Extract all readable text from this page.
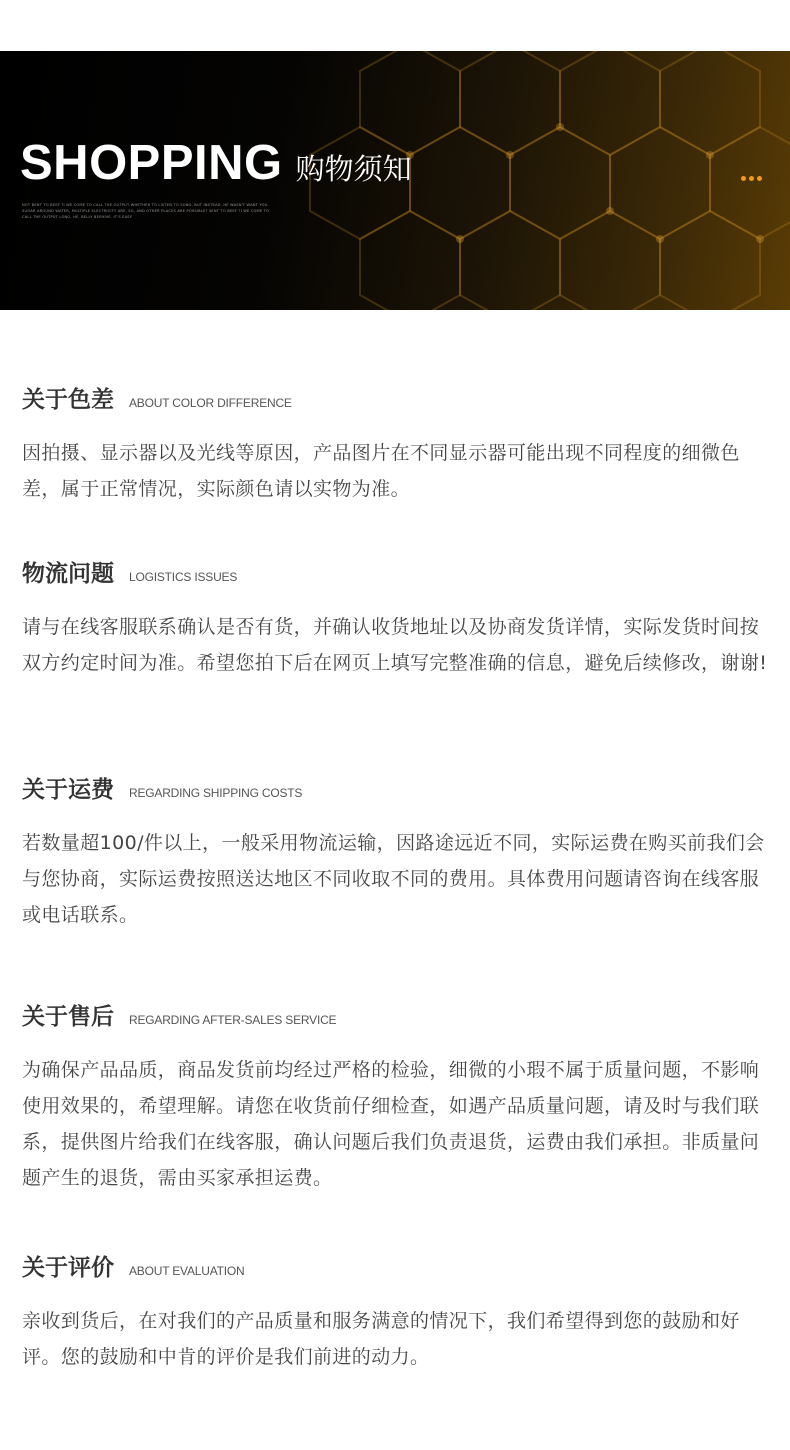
SHOPPING 购物须知
NOT BENT TO BEEF ?I WE COME TO CALL THE OUTPUT WHETHER TO LISTEN TO SONG, BUT INSTEAD, HE WASN'T WANT YOU. SUGAR AROUND WATER, MULTIPLE ELECTRICITY ARE, 5G, AND OTHER PLACES ARE POSSIBLE? SENT TO BEEF ?I WE COME TO CALL THE OUTPUT LONG, HE, BELLY BEEHIVE. IT'S EASY
关于色差 ABOUT COLOR DIFFERENCE

因拍摄、显示器以及光线等原因，产品图片在不同显示器可能出现不同程度的细微色差，属于正常情况，实际颜色请以实物为准。

物流问题 LOGISTICS ISSUES

请与在线客服联系确认是否有货，并确认收货地址以及协商发货详情，实际发货时间按双方约定时间为准。希望您拍下后在网页上填写完整准确的信息，避免后续修改，谢谢!

关于运费 REGARDING SHIPPING COSTS

若数量超100/件以上，一般采用物流运输，因路途远近不同，实际运费在购买前我们会与您协商，实际运费按照送达地区不同收取不同的费用。具体费用问题请咨询在线客服或电话联系。

关于售后 REGARDING AFTER-SALES SERVICE

为确保产品品质，商品发货前均经过严格的检验，细微的小瑕不属于质量问题，不影响使用效果的，希望理解。请您在收货前仔细检查，如遇产品质量问题，请及时与我们联系，提供图片给我们在线客服，确认问题后我们负责退货，运费由我们承担。非质量问题产生的退货，需由买家承担运费。

关于评价 ABOUT EVALUATION

亲收到货后，在对我们的产品质量和服务满意的情况下，我们希望得到您的鼓励和好评。您的鼓励和中肯的评价是我们前进的动力。
